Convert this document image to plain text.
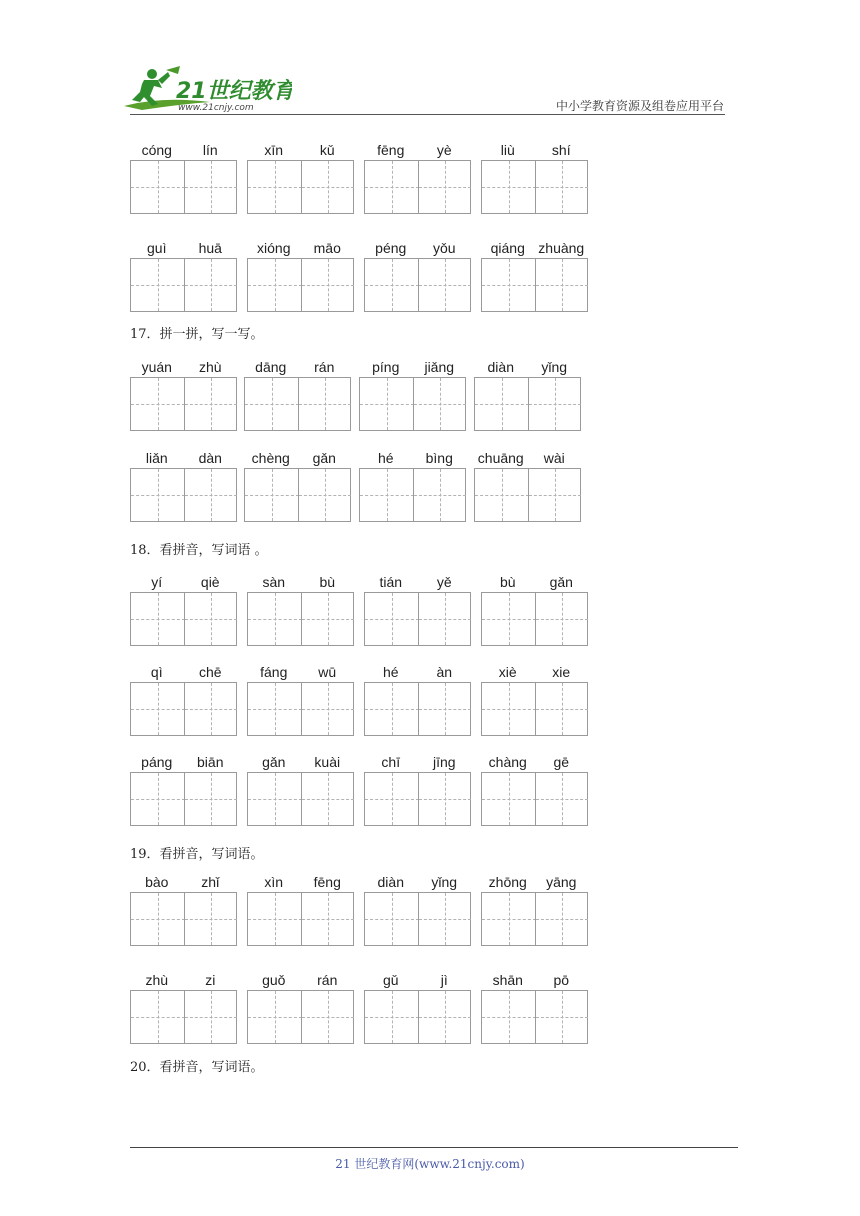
21世纪教育
www.21cnjy.com	中小学教育资源及组卷应用平台
17．拼一拼，写一写。
18．看拼音，写词语 。
19．看拼音，写词语。
20．看拼音，写词语。
cóng	lín	xīn	kǔ	fēng	yè	liù	shí
guì	huā	xióng	māo	péng	yǒu	qiáng zhuàng
yuán	zhù	dāng	rán	píng	jiǎng	diàn	yǐng
liǎn	dàn	chèng	gǎn	hé	bìng	chuāng	wài
yí	qiè	sàn	bù	tián	yě	bù	gǎn
qì	chē	fáng	wū	hé	àn	xiè	xie
páng	biān	gǎn	kuài	chī	jīng	chàng	gē
bào	zhǐ	xìn	fēng	diàn	yǐng	zhōng	yāng
zhù	zi	guǒ	rán	gǔ	jì	shān	pō
21 世纪教育网(www.21cnjy.com)
